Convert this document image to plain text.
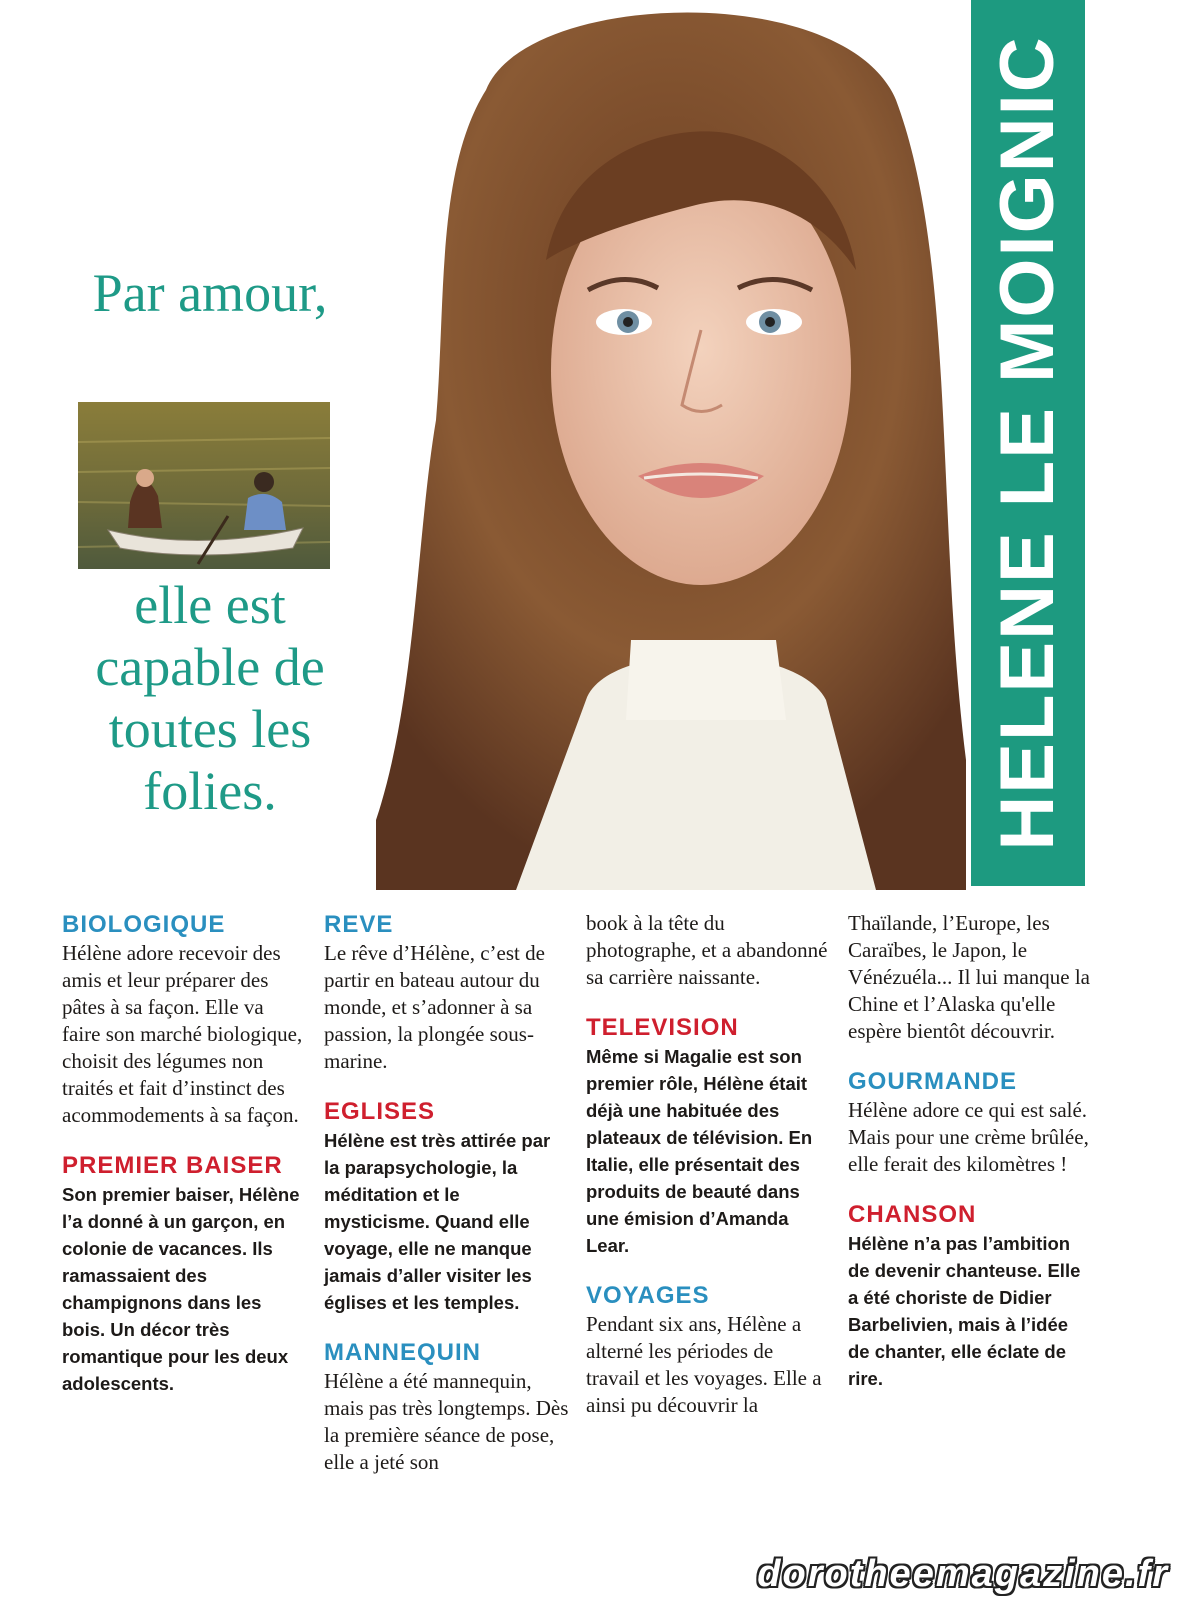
Par amour,
elle est capable de toutes les folies.	HELENE LE MOIGNIC
BIOLOGIQUE
Hélène adore recevoir des amis et leur préparer des pâtes à sa façon. Elle va faire son marché biologique, choisit des légumes non traités et fait d’instinct des acommodements à sa façon.
PREMIER BAISER
Son premier baiser, Hélène l’a donné à un garçon, en colonie de vacances. Ils ramassaient des champignons dans les bois. Un décor très romantique pour les deux adolescents.
REVE
Le rêve d’Hélène, c’est de partir en bateau autour du monde, et s’adonner à sa passion, la plongée sous-marine.
EGLISES
Hélène est très attirée par la parapsychologie, la méditation et le mysticisme. Quand elle voyage, elle ne manque jamais d’aller visiter les églises et les temples.
MANNEQUIN
Hélène a été mannequin, mais pas très longtemps. Dès la première séance de pose, elle a jeté son
book à la tête du photographe, et a abandonné sa carrière naissante.
TELEVISION
Même si Magalie est son premier rôle, Hélène était déjà une habituée des plateaux de télévision. En Italie, elle présentait des produits de beauté dans une émision d’Amanda Lear.
VOYAGES
Pendant six ans, Hélène a alterné les périodes de travail et les voyages. Elle a ainsi pu découvrir la
Thaïlande, l’Europe, les Caraïbes, le Japon, le Vénézuéla... Il lui manque la Chine et l’Alaska qu'elle espère bientôt découvrir.
GOURMANDE
Hélène adore ce qui est salé. Mais pour une crème brûlée, elle ferait des kilomètres !
CHANSON
Hélène n’a pas l’ambition de devenir chanteuse. Elle a été choriste de Didier Barbelivien, mais à l’idée de chanter, elle éclate de rire.
dorotheemagazine.fr
